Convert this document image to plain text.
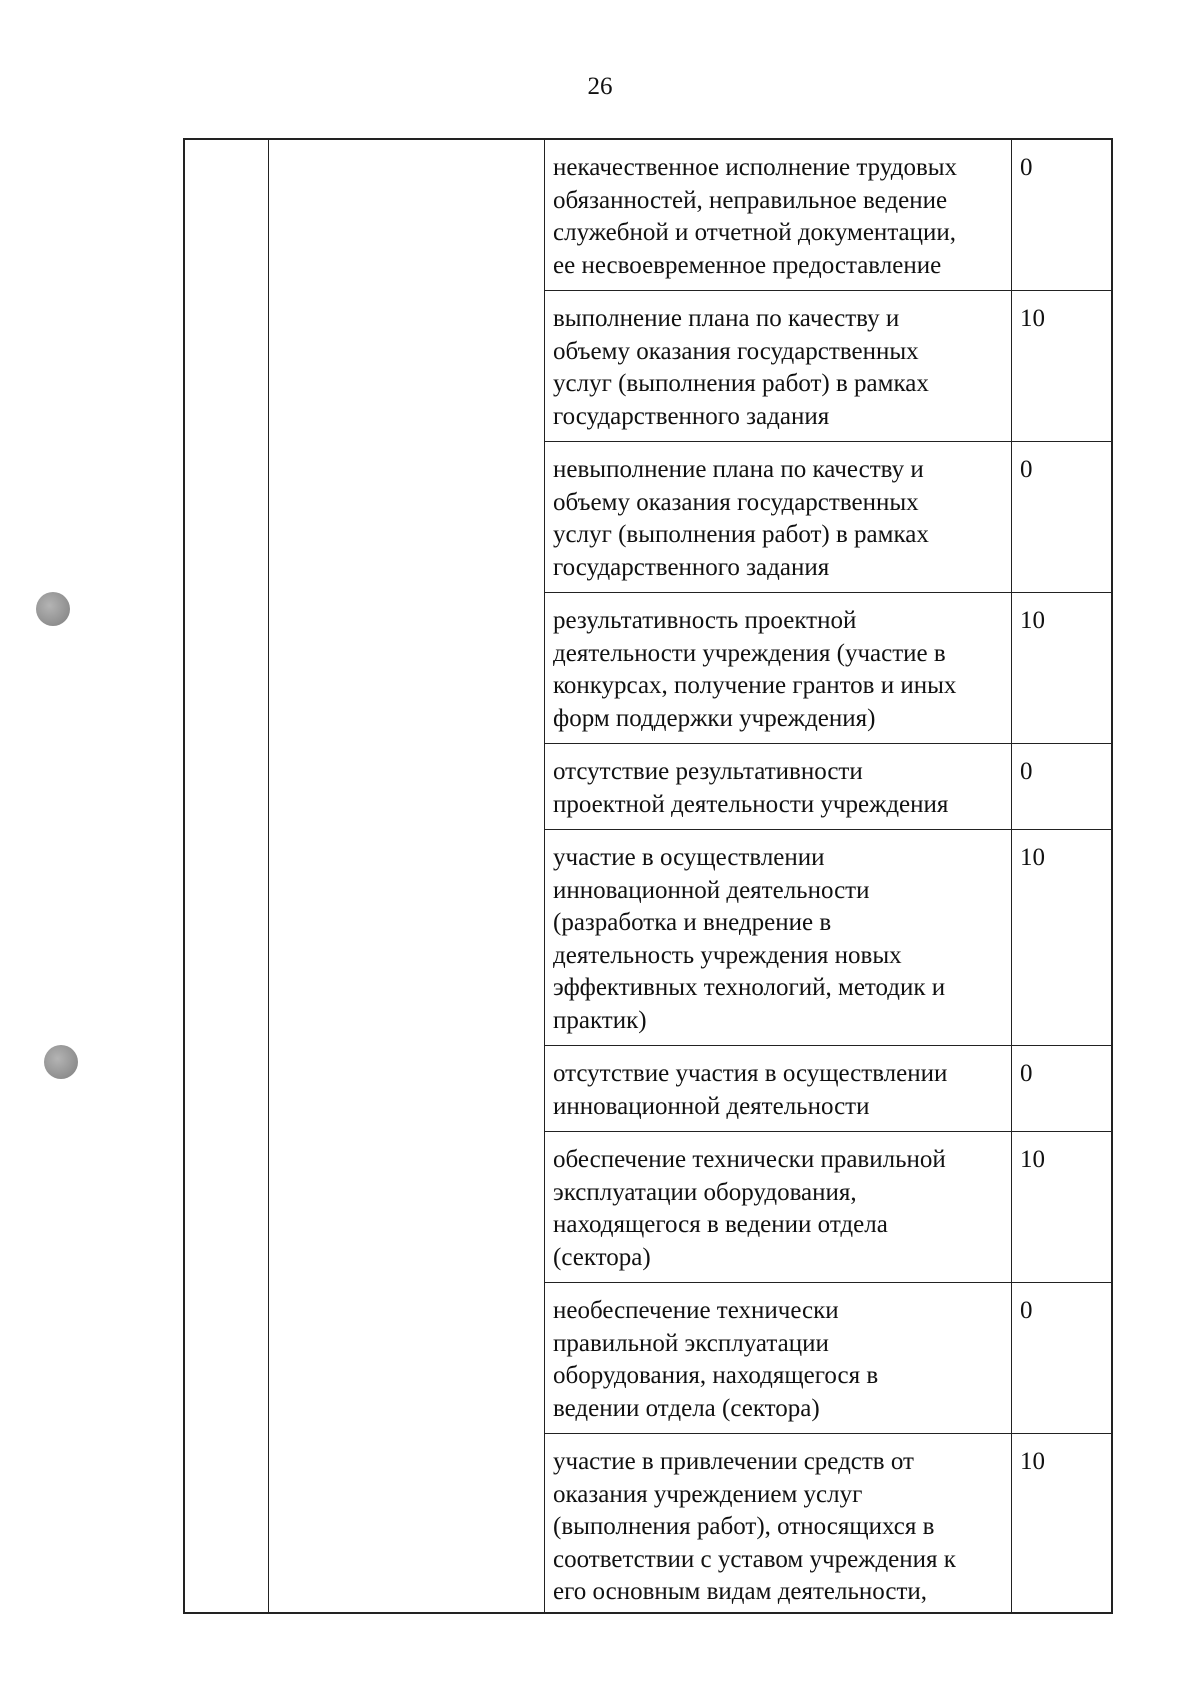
26
некачественное исполнение трудовых
обязанностей, неправильное ведение
служебной и отчетной документации,
ее несвоевременное предоставление
0
выполнение плана по качеству и
объему оказания государственных
услуг (выполнения работ) в рамках
государственного задания
10
невыполнение плана по качеству и
объему оказания государственных
услуг (выполнения работ) в рамках
государственного задания
0
результативность проектной
деятельности учреждения (участие в
конкурсах, получение грантов и иных
форм поддержки учреждения)
10
отсутствие результативности
проектной деятельности учреждения
0
участие в осуществлении
инновационной деятельности
(разработка и внедрение в
деятельность учреждения новых
эффективных технологий, методик и
практик)
10
отсутствие участия в осуществлении
инновационной деятельности
0
обеспечение технически правильной
эксплуатации оборудования,
находящегося в ведении отдела
(сектора)
10
необеспечение технически
правильной эксплуатации
оборудования, находящегося в
ведении отдела (сектора)
0
участие в привлечении средств от
оказания учреждением услуг
(выполнения работ), относящихся в
соответствии с уставом учреждения к
его основным видам деятельности,
10
